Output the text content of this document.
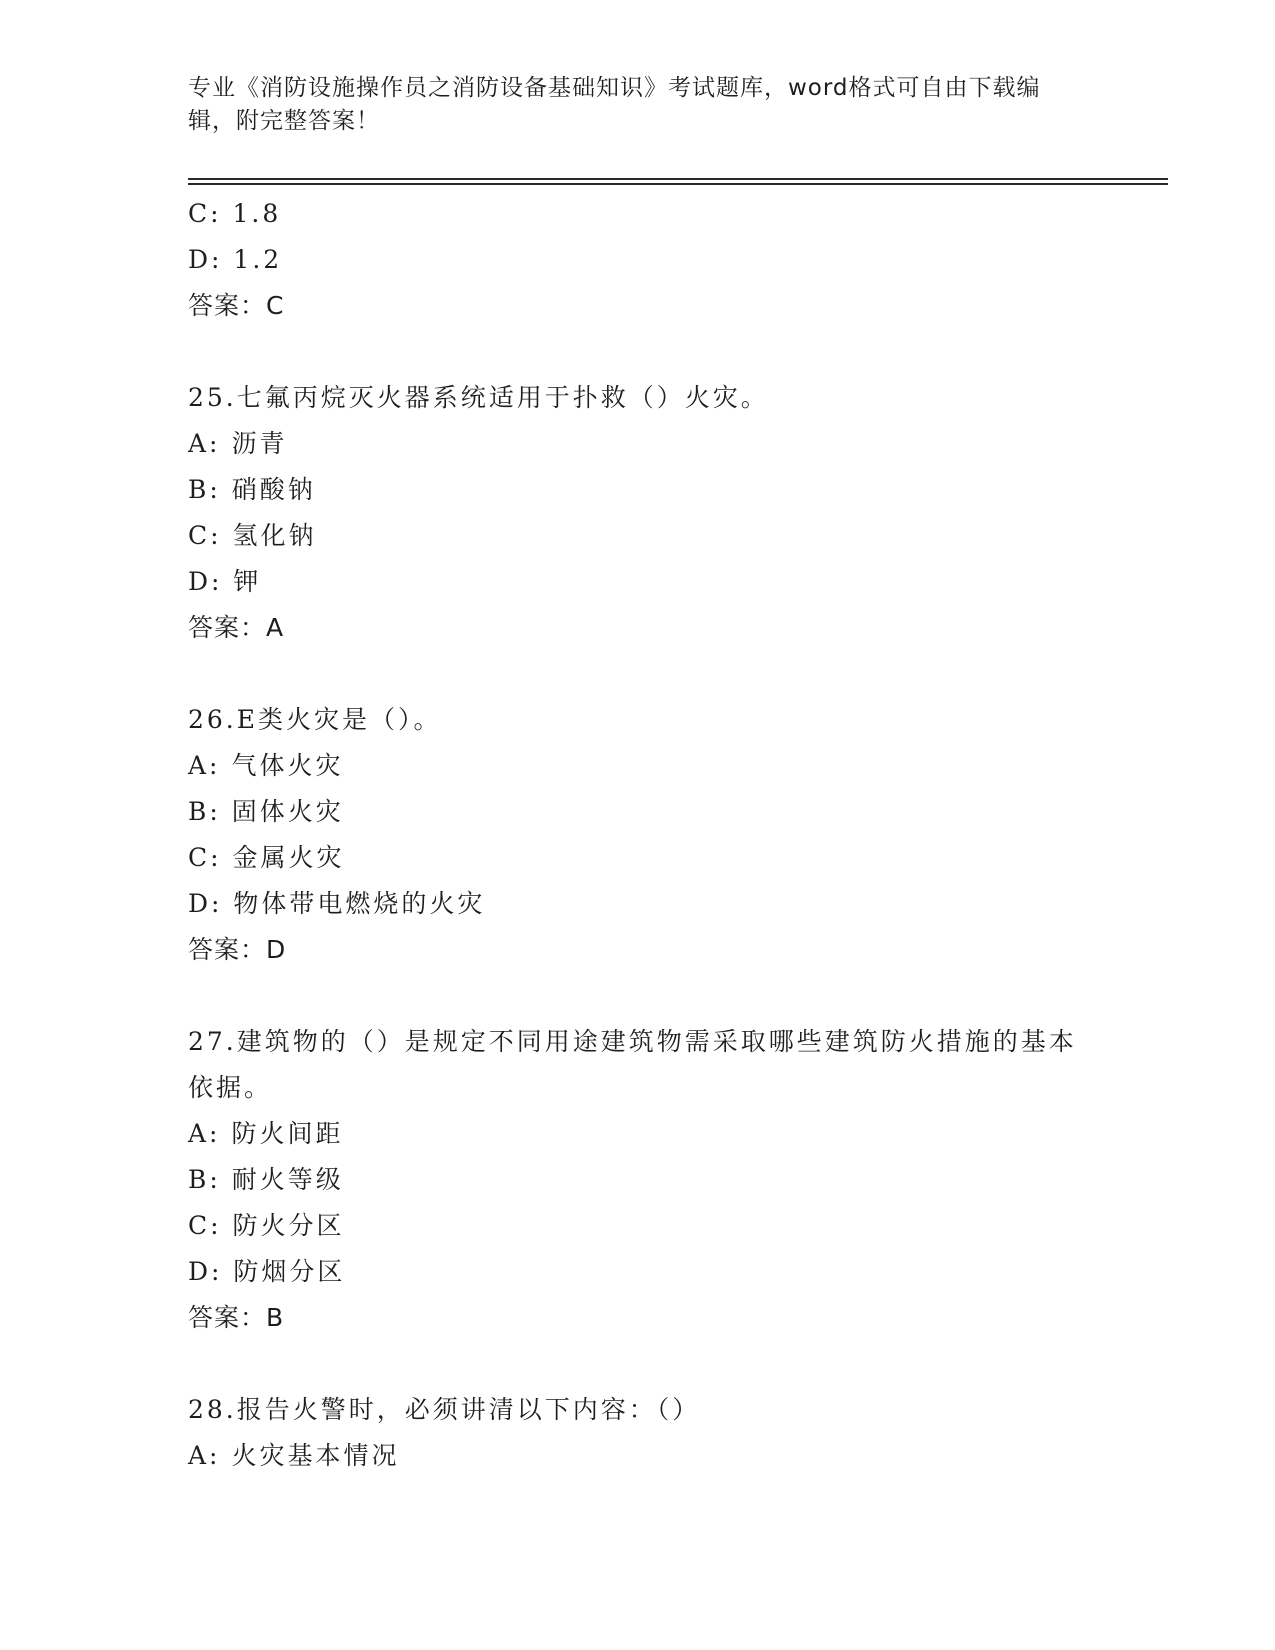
专业《消防设施操作员之消防设备基础知识》考试题库，word格式可自由下载编辑，附完整答案！
C: 1.8
D: 1.2
答案：C
25.七氟丙烷灭火器系统适用于扑救（）火灾。
A: 沥青
B: 硝酸钠
C: 氢化钠
D: 钾
答案：A
26.E类火灾是（）。
A: 气体火灾
B: 固体火灾
C: 金属火灾
D: 物体带电燃烧的火灾
答案：D
27.建筑物的（）是规定不同用途建筑物需采取哪些建筑防火措施的基本依据。
A: 防火间距
B: 耐火等级
C: 防火分区
D: 防烟分区
答案：B
28.报告火警时，必须讲清以下内容：（）
A: 火灾基本情况
